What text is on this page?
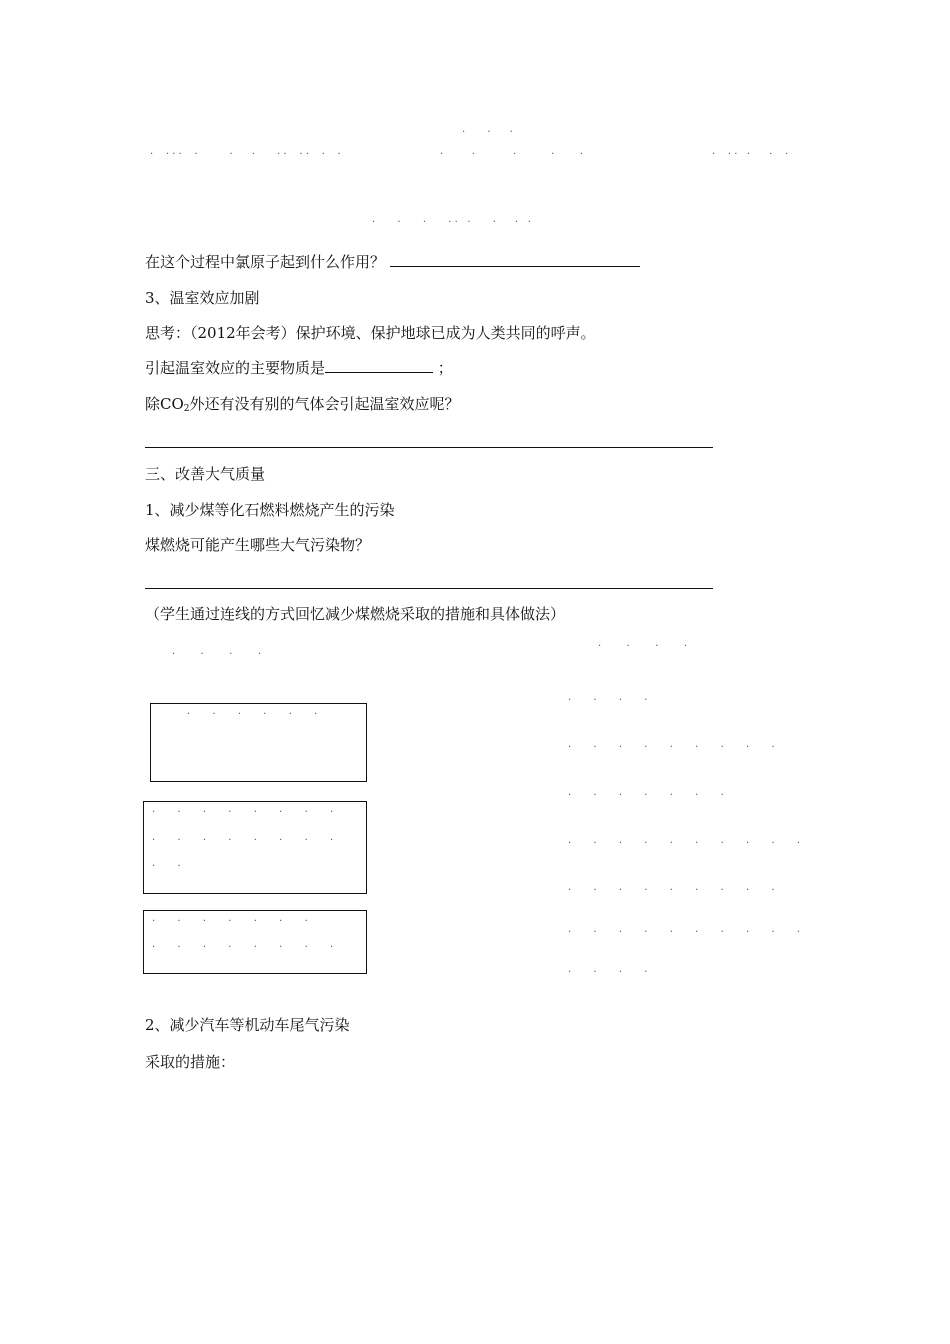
·       ·      ·
·    · · ·    ·          ·      ·       · ·    · ·    ·    ·	·         ·            ·           ·        ·	·    · ·   ·      ·    ·
·       ·       ·       · ·   ·       ·      ·   ·
在这个过程中氯原子起到什么作用？
3、温室效应加剧
思考：（2012年会考）保护环境、保护地球已成为人类共同的呼声。
引起温室效应的主要物质是	；
除$CO_2$外还有没有别的气体会引起温室效应呢？
三、改善大气质量
1、减少煤等化石燃料燃烧产生的污染
煤燃烧可能产生哪些大气污染物？
（学生通过连线的方式回忆减少煤燃烧采取的措施和具体做法）
·        ·        ·        ·
·        ·        ·        ·
·       ·       ·       ·       ·       ·
·       ·       ·       ·       ·       ·       ·       ·
·       ·       ·       ·       ·       ·       ·       ·
·       ·
·       ·       ·       ·       ·       ·       ·
·       ·       ·       ·       ·       ·       ·       ·
·       ·       ·       ·
·       ·       ·       ·       ·       ·       ·       ·       ·
·       ·       ·       ·       ·       ·       ·
·       ·       ·       ·       ·       ·       ·       ·       ·       ·
·       ·       ·       ·       ·       ·       ·       ·       ·
·       ·       ·       ·       ·       ·       ·       ·       ·       ·
·       ·       ·       ·
2、减少汽车等机动车尾气污染
采取的措施：
